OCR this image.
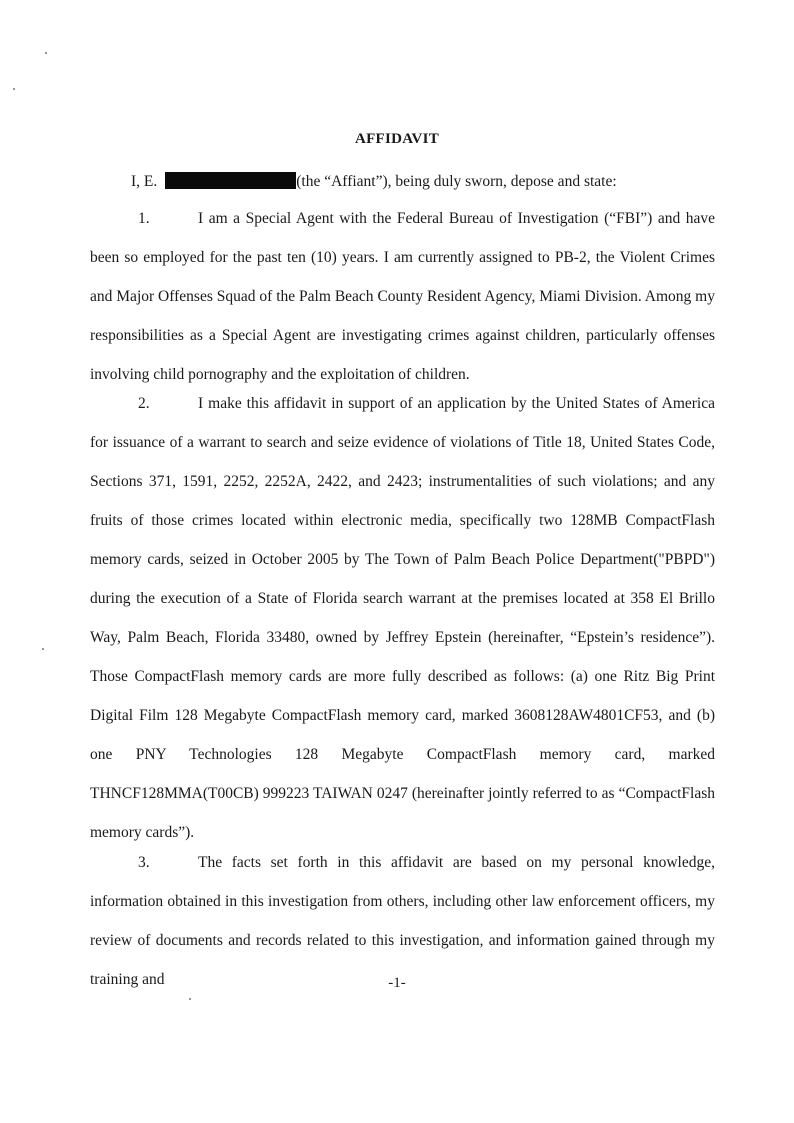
AFFIDAVIT
I, E.	(the “Affiant”), being duly sworn, depose and state:
1.	I am a Special Agent with the Federal Bureau of Investigation (“FBI”) and have been so employed for the past ten (10) years. I am currently assigned to PB-2, the Violent Crimes and Major Offenses Squad of the Palm Beach County Resident Agency, Miami Division. Among my responsibilities as a Special Agent are investigating crimes against children, particularly offenses involving child pornography and the exploitation of children.
2.	I make this affidavit in support of an application by the United States of America for issuance of a warrant to search and seize evidence of violations of Title 18, United States Code, Sections 371, 1591, 2252, 2252A, 2422, and 2423; instrumentalities of such violations; and any fruits of those crimes located within electronic media, specifically two 128MB CompactFlash memory cards, seized in October 2005 by The Town of Palm Beach Police Department("PBPD") during the execution of a State of Florida search warrant at the premises located at 358 El Brillo Way, Palm Beach, Florida 33480, owned by Jeffrey Epstein (hereinafter, “Epstein’s residence”). Those CompactFlash memory cards are more fully described as follows: (a) one Ritz Big Print Digital Film 128 Megabyte CompactFlash memory card, marked 3608128AW4801CF53, and (b) one PNY Technologies 128 Megabyte CompactFlash memory card, marked THNCF128MMA(T00CB) 999223 TAIWAN 0247 (hereinafter jointly referred to as “CompactFlash memory cards”).
3.	The facts set forth in this affidavit are based on my personal knowledge, information obtained in this investigation from others, including other law enforcement officers, my review of documents and records related to this investigation, and information gained through my training and	-1-
